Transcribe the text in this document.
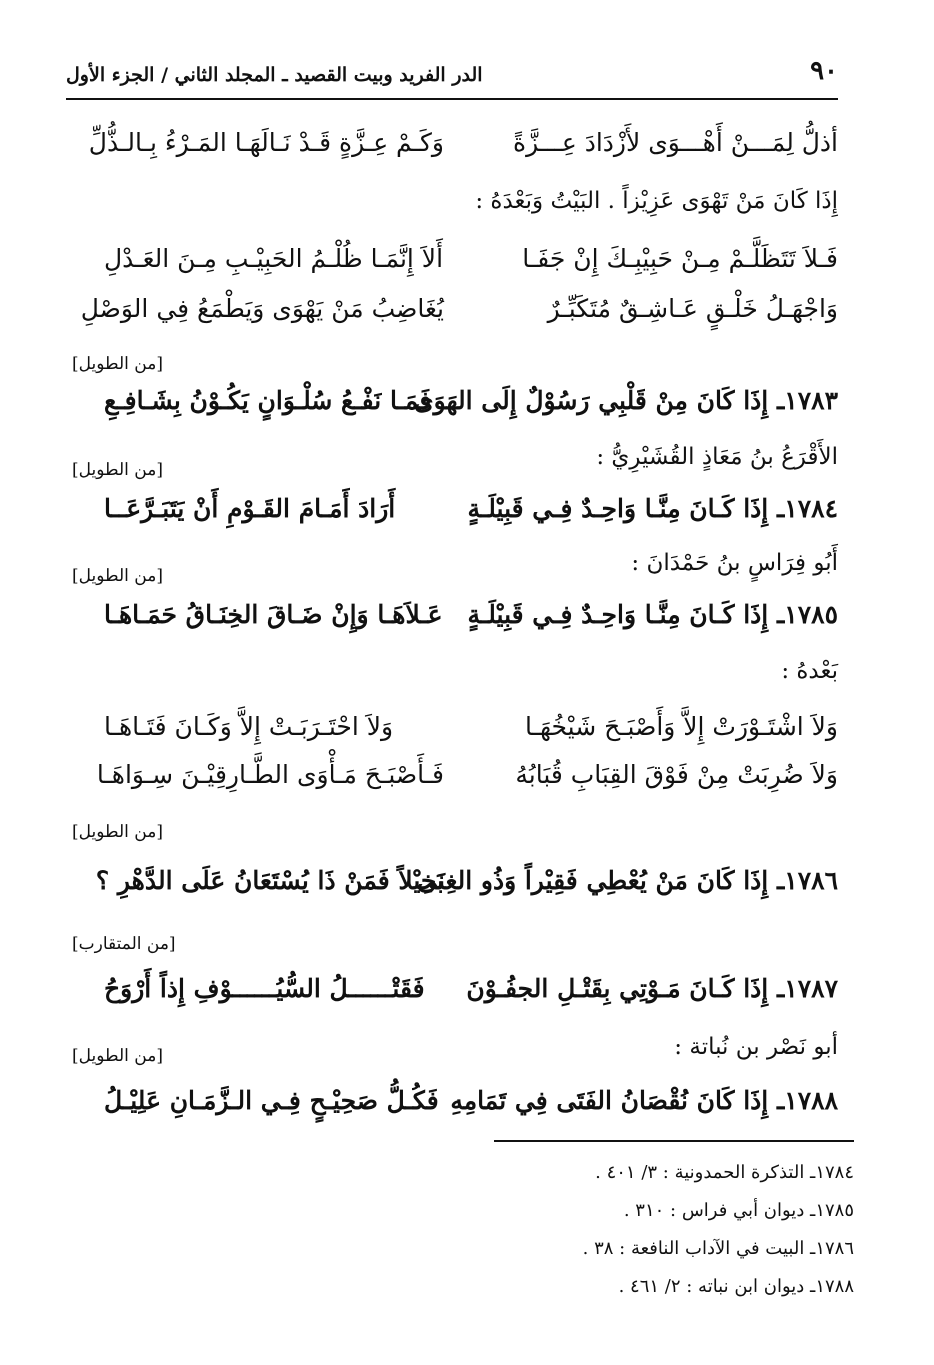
٩٠
الدر الفريد وبيت القصيد ـ المجلد الثاني / الجزء الأول
أذلُّ لِمَـــنْ أَهْـــوَى لأَزْدَادَ عِـــزَّةً
وَكَـمْ عِـزَّةٍ قَـدْ نَـالَهَـا المَـرْءُ بِـالـذُّلِّ
إِذَا كَانَ مَنْ تَهْوَى عَزِيْزاً . البَيْتُ وَبَعْدَهُ :
فَـلاَ تَتَظَلَّـمْ مِـنْ حَبِيْبِـكَ إِنْ جَفَـا
أَلاَ إِنَّمَـا ظُلْـمُ الحَبِيْـبِ مِـنَ العَـدْلِ
وَاجْهَـلُ خَلْـقٍ عَـاشِـقٌ مُتَكَبِّـرٌ
يُغَاضِبُ مَنْ يَهْوَى وَيَطْمَعُ فِي الوَصْلِ
[من الطويل]
١٧٨٣ـ إِذَا كَانَ مِنْ قَلْبِي رَسُوْلٌ إِلَى الهَوَى
فَمَـا نَفْـعُ سُلْـوَانٍ يَكُـوْنُ بِشَـافِـعِ
الأَقْرَعُ بنُ مَعَاذٍ القُشَيْرِيُّ :
[من الطويل]
١٧٨٤ـ إِذَا كَـانَ مِنَّـا وَاحِـدٌ فِـي قَبِيْلَـةٍ
أَرَادَ أَمَـامَ القَـوْمِ أَنْ يَتَبَـرَّعَــا
أَبُو فِرَاسٍ بنُ حَمْدَانَ :
[من الطويل]
١٧٨٥ـ إِذَا كَـانَ مِنَّـا وَاحِـدٌ فِـي قَبِيْلَـةٍ
عَـلاَهَـا وَإِنْ ضَـاقَ الخِنَـاقُ حَمَـاهَـا
بَعْدهُ :
وَلاَ اشْتَـوْرَتْ إِلاَّ وَأَصْبَـحَ شَيْخُهَـا
وَلاَ احْتَـرَبَـتْ إِلاَّ وَكَـانَ فَتَـاهَـا
وَلاَ ضُرِبَتْ مِنْ فَوْقَ القِبَابِ قُبَابُهُ
فَـأَصْبَـحَ مَـأْوَى الطَّـارِقِيْـنَ سِـوَاهَـا
[من الطويل]
١٧٨٦ـ إِذَا كَانَ مَنْ يُعْطِي فَقِيْراً وَذُو الغِنَى
بَخِيْلاً فَمَنْ ذَا يُسْتَعَانُ عَلَى الدَّهْرِ ؟
[من المتقارب]
١٧٨٧ـ إِذَا كَـانَ مَـوْتِي بِقَتْـلِ الجفُـوْنَ
فَقَتْــــــلُ السُّيُــــــوْفِ إِذاً أَرْوَحُ
أبو نَصْر بن نُباتة :
[من الطويل]
١٧٨٨ـ إِذَا كَانَ نُقْصَانُ الفَتَى فِي تَمَامِهِ
فَكُـلُّ صَحِيْـحٍ فِـي الـزَّمَـانِ عَلِيْـلُ
١٧٨٤ـ التذكرة الحمدونية : ٣/ ٤٠١ .
١٧٨٥ـ ديوان أبي فراس : ٣١٠ .
١٧٨٦ـ البيت في الآداب النافعة : ٣٨ .
١٧٨٨ـ ديوان ابن نباته : ٢/ ٤٦١ .
